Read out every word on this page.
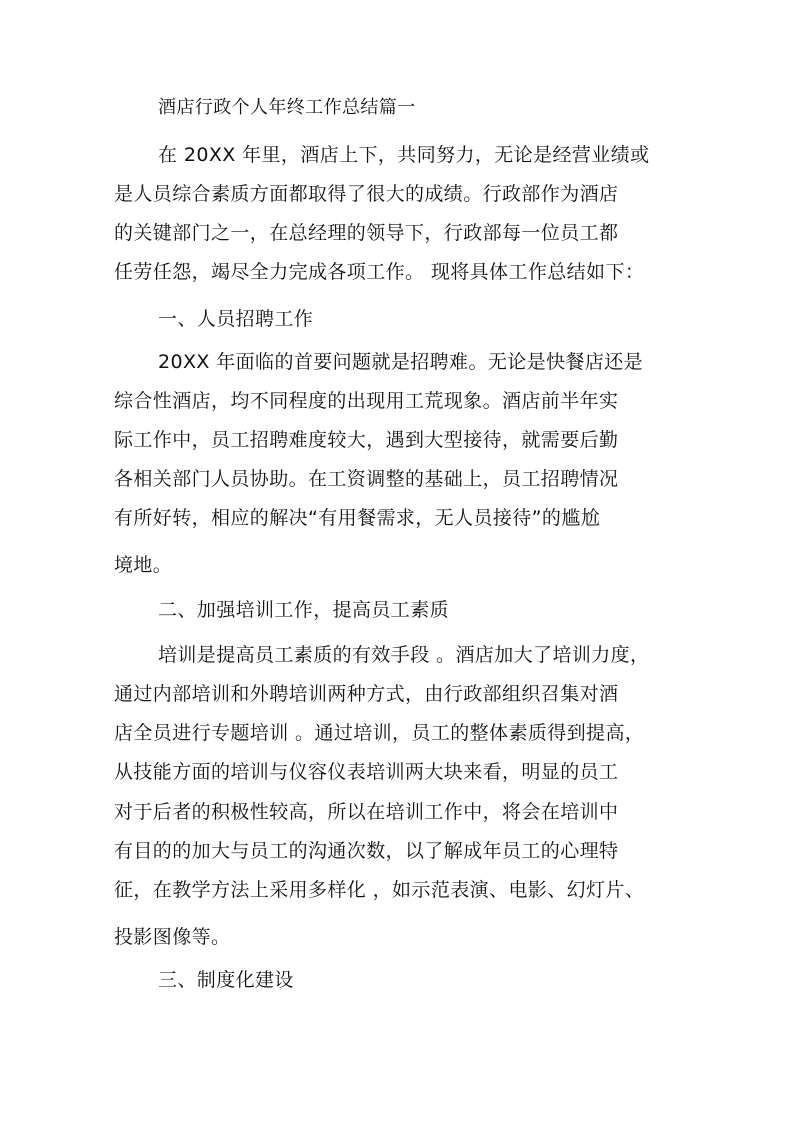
酒店行政个人年终工作总结篇一
在 20XX 年里，酒店上下，共同努力，无论是经营业绩或
是人员综合素质方面都取得了很大的成绩。行政部作为酒店
的关键部门之一，在总经理的领导下，行政部每一位员工都
任劳任怨，竭尽全力完成各项工作。 现将具体工作总结如下：
一、人员招聘工作
20XX 年面临的首要问题就是招聘难。无论是快餐店还是
综合性酒店，均不同程度的出现用工荒现象。酒店前半年实
际工作中，员工招聘难度较大，遇到大型接待，就需要后勤
各相关部门人员协助。在工资调整的基础上，员工招聘情况
有所好转，相应的解决“有用餐需求，无人员接待”的尴尬
境地。
二、加强培训工作，提高员工素质
培训是提高员工素质的有效手段 。酒店加大了培训力度，
通过内部培训和外聘培训两种方式，由行政部组织召集对酒
店全员进行专题培训 。通过培训，员工的整体素质得到提高，
从技能方面的培训与仪容仪表培训两大块来看，明显的员工
对于后者的积极性较高，所以在培训工作中，将会在培训中
有目的的加大与员工的沟通次数，以了解成年员工的心理特
征，在教学方法上采用多样化 ，如示范表演、电影、幻灯片、
投影图像等。
三、制度化建设
